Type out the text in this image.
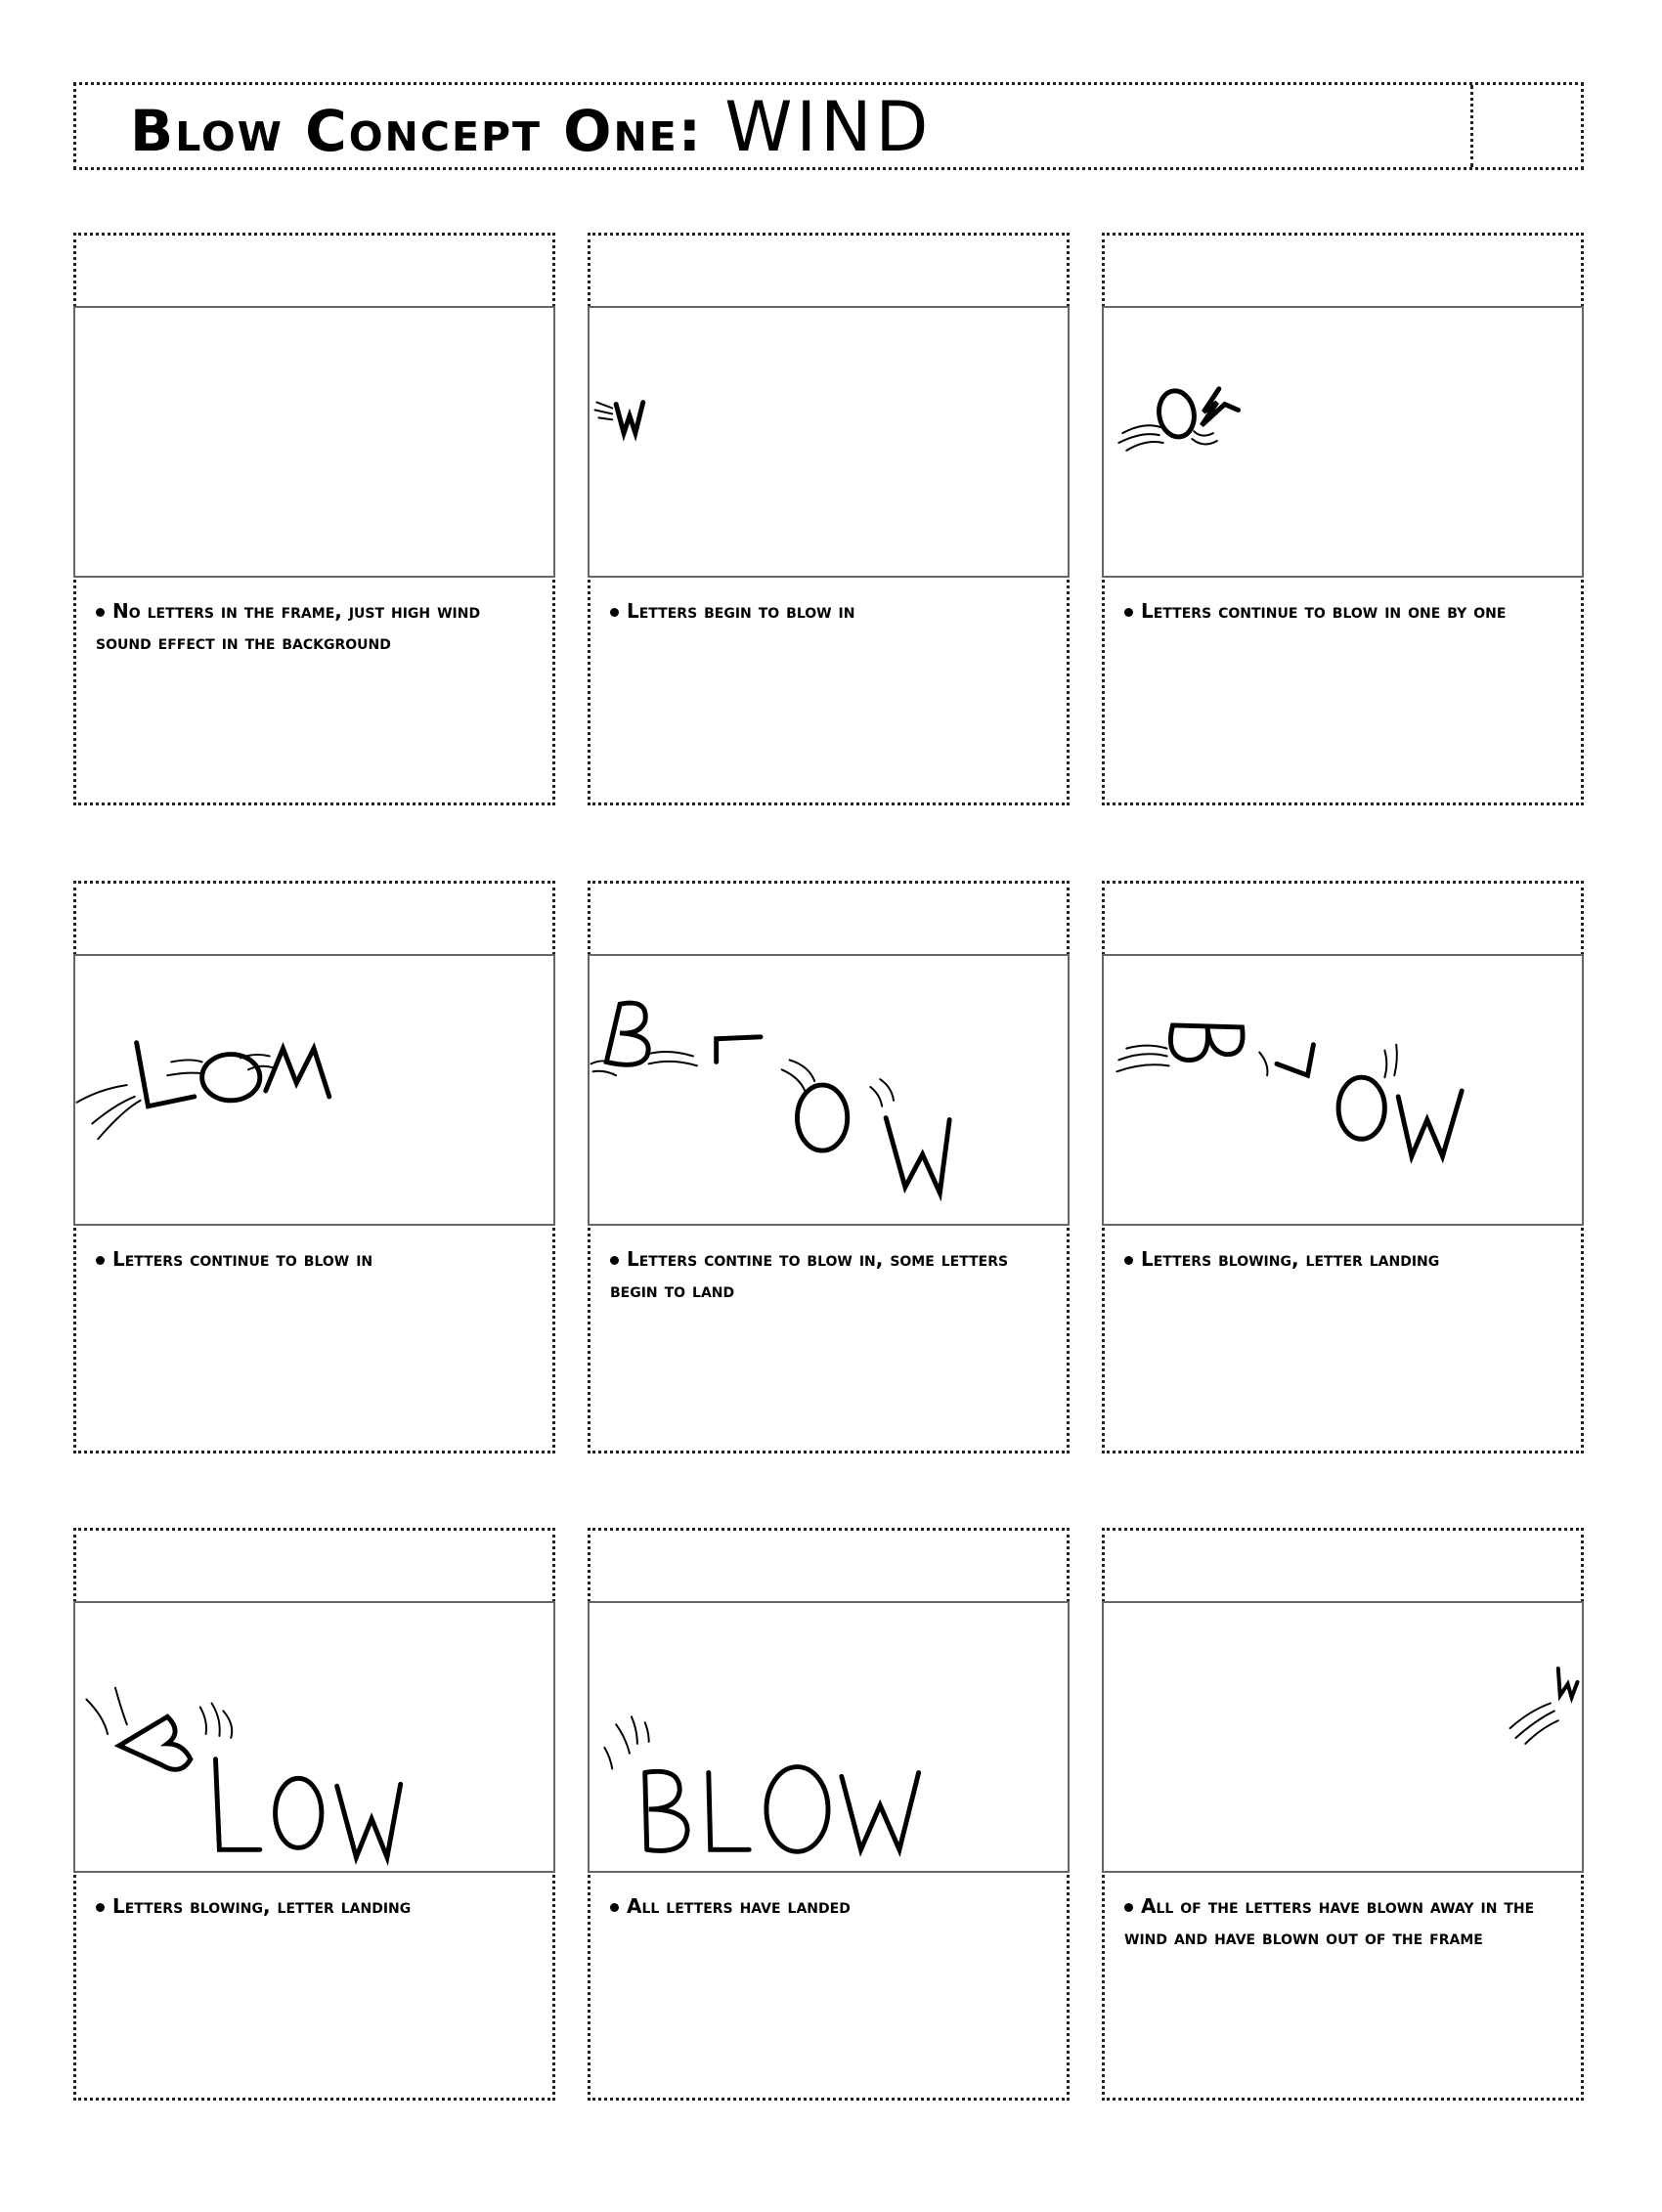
Blow Concept One: WIND
No letters in the frame, just high wind sound effect in the background
Letters begin to blow in	Letters continue to blow in one by one
Letters continue to blow in	Letters contine to blow in, some letters begin to land
Letters blowing, letter landing
Letters blowing, letter landing	All letters have landed	All of the letters have blown away in the wind and have blown out of the frame
